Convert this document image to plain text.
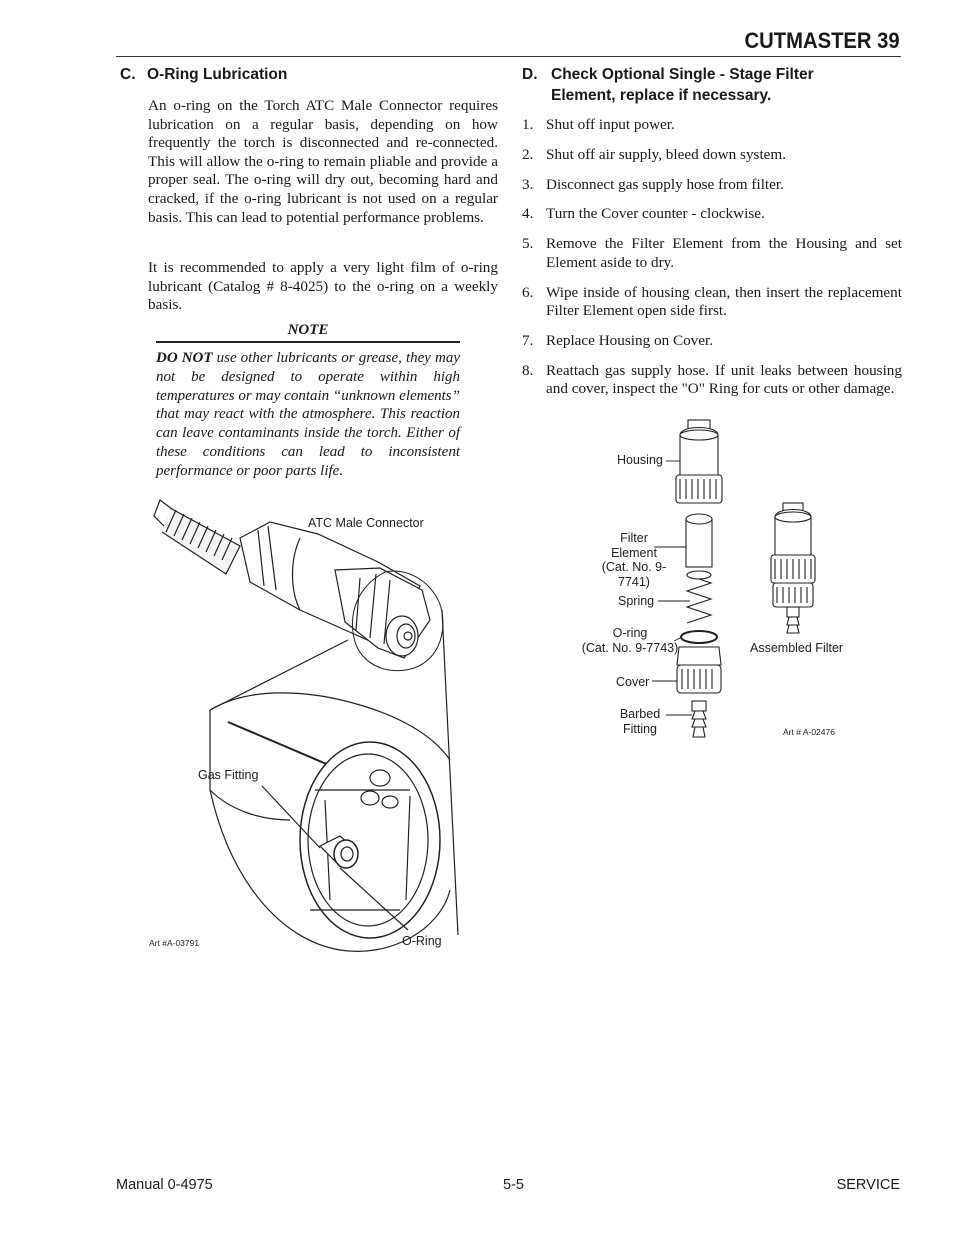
CUTMASTER 39
C. O-Ring Lubrication

An o-ring on the Torch ATC Male Connector requires lubrication on a regular basis, depending on how frequently the torch is disconnected and re-connected. This will allow the o-ring to remain pliable and provide a proper seal. The o-ring will dry out, becoming hard and cracked, if the o-ring lubricant is not used on a regular basis. This can lead to potential performance problems.

It is recommended to apply a very light film of o-ring lubricant (Catalog # 8-4025) to the o-ring on a weekly basis.

NOTE
DO NOT use other lubricants or grease, they may not be designed to operate within high temperatures or may contain “unknown elements” that may react with the atmosphere. This reaction can leave contaminants inside the torch. Either of these conditions can lead to inconsistent performance or poor parts life.
ATC Male Connector
Gas Fitting
O-Ring
Art #A-03791
D. Check Optional Single - Stage Filter
Element, replace if necessary.
1. Shut off input power.
2. Shut off air supply, bleed down system.
3. Disconnect gas supply hose from filter.
4. Turn the Cover counter - clockwise.
5. Remove the Filter Element from the Housing and set Element aside to dry.
6. Wipe inside of housing clean, then insert the replacement Filter Element open side first.
7. Replace Housing on Cover.
8. Reattach gas supply hose. If unit leaks between housing and cover, inspect the "O" Ring for cuts or other damage.
Housing
Filter
Element
(Cat. No. 9-7741)
Spring
O-ring
(Cat. No. 9-7743)
Cover
Barbed
Fitting
Assembled Filter
Art # A-02476
Manual 0-4975	5-5	SERVICE
